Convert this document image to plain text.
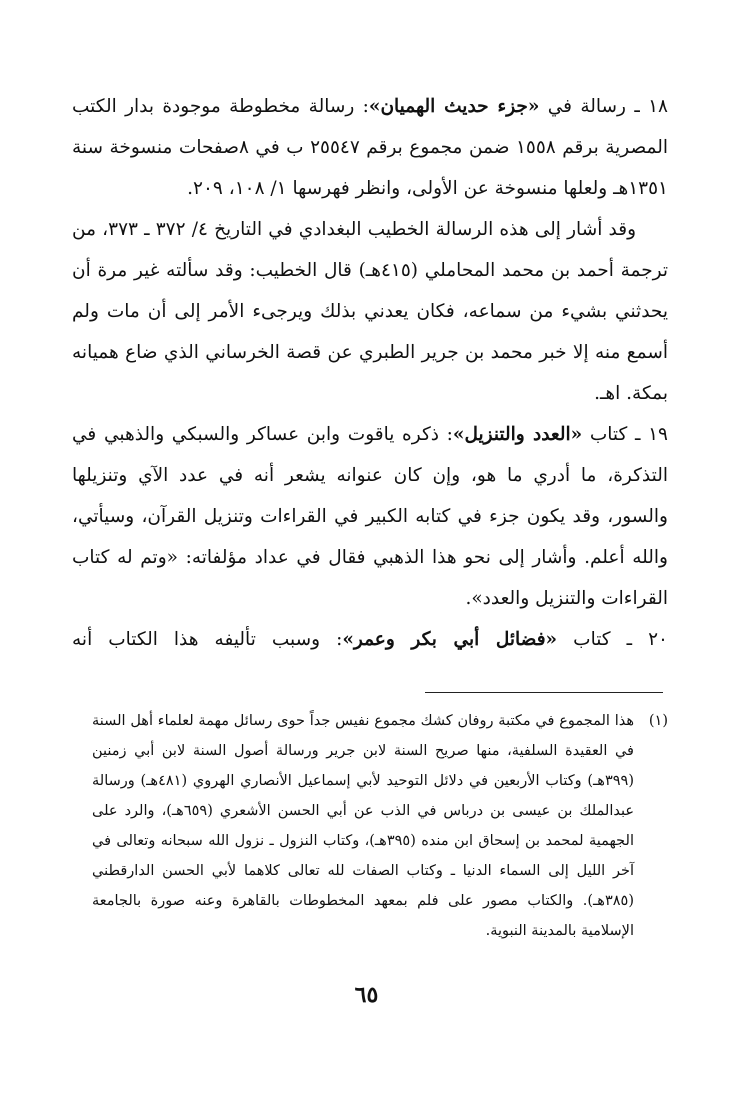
١٨ ـ رسالة في «جزء حديث الهميان»: رسالة مخطوطة موجودة بدار الكتب المصرية برقم ١٥٥٨ ضمن مجموع برقم ٢٥٥٤٧ ب في ٨صفحات منسوخة سنة ١٣٥١هـ ولعلها منسوخة عن الأولى، وانظر فهرسها ١/ ١٠٨، ٢٠٩.

وقد أشار إلى هذه الرسالة الخطيب البغدادي في التاريخ ٤/ ٣٧٢ ـ ٣٧٣، من ترجمة أحمد بن محمد المحاملي (٤١٥هـ) قال الخطيب: وقد سألته غير مرة أن يحدثني بشيء من سماعه، فكان يعدني بذلك ويرجىء الأمر إلى أن مات ولم أسمع منه إلا خبر محمد بن جرير الطبري عن قصة الخرساني الذي ضاع هميانه بمكة. اهـ.

١٩ ـ كتاب «العدد والتنزيل»: ذكره ياقوت وابن عساكر والسبكي والذهبي في التذكرة، ما أدري ما هو، وإن كان عنوانه يشعر أنه في عدد الآي وتنزيلها والسور، وقد يكون جزء في كتابه الكبير في القراءات وتنزيل القرآن، وسيأتي، والله أعلم. وأشار إلى نحو هذا الذهبي فقال في عداد مؤلفاته: «وتم له كتاب القراءات والتنزيل والعدد».

٢٠ ـ كتاب «فضائل أبي بكر وعمر»: وسبب تأليفه هذا الكتاب أنه

(١)

هذا المجموع في مكتبة روفان كشك مجموع نفيس جداً حوى رسائل مهمة لعلماء أهل السنة في العقيدة السلفية، منها صريح السنة لابن جرير ورسالة أصول السنة لابن أبي زمنين (٣٩٩هـ) وكتاب الأربعين في دلائل التوحيد لأبي إسماعيل الأنصاري الهروي (٤٨١هـ) ورسالة عبدالملك بن عيسى بن درباس في الذب عن أبي الحسن الأشعري (٦٥٩هـ)، والرد على الجهمية لمحمد بن إسحاق ابن منده (٣٩٥هـ)، وكتاب النزول ـ نزول الله سبحانه وتعالى في آخر الليل إلى السماء الدنيا ـ وكتاب الصفات لله تعالى كلاهما لأبي الحسن الدارقطني (٣٨٥هـ). والكتاب مصور على فلم بمعهد المخطوطات بالقاهرة وعنه صورة بالجامعة الإسلامية بالمدينة النبوية.

٦٥
